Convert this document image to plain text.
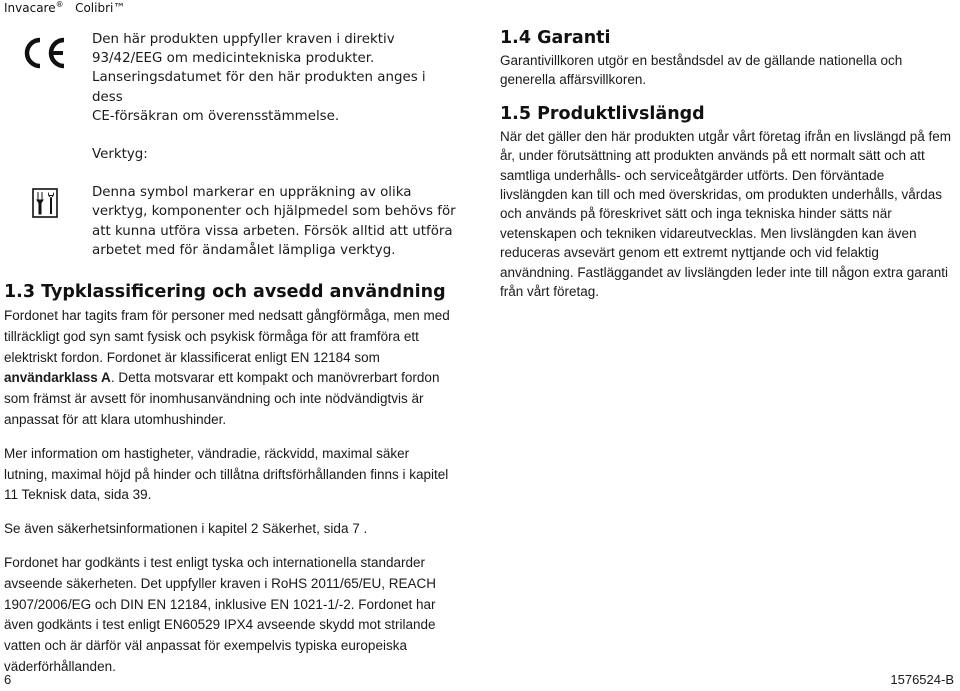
Invacare® Colibri™

Den här produkten uppfyller kraven i direktiv

93/42/EEG om medicintekniska produkter.

Lanseringsdatumet för den här produkten anges i dess

CE-försäkran om överensstämmelse.

Verktyg:

Denna symbol markerar en uppräkning av olika

verktyg, komponenter och hjälpmedel som behövs för

att kunna utföra vissa arbeten. Försök alltid att utföra

arbetet med för ändamålet lämpliga verktyg.

1.3 Typklassificering och avsedd användning

Fordonet har tagits fram för personer med nedsatt gångförmåga, men med tillräckligt god syn samt fysisk och psykisk förmåga för att framföra ett elektriskt fordon. Fordonet är klassificerat enligt EN 12184 som användarklass A. Detta motsvarar ett kompakt och manövrerbart fordon som främst är avsett för inomhusanvändning och inte nödvändigtvis är anpassat för att klara utomhushinder.

Mer information om hastigheter, vändradie, räckvidd, maximal säker lutning, maximal höjd på hinder och tillåtna driftsförhållanden finns i kapitel 11 Teknisk data, sida 39.

Se även säkerhetsinformationen i kapitel 2 Säkerhet, sida 7 .

Fordonet har godkänts i test enligt tyska och internationella standarder avseende säkerheten. Det uppfyller kraven i RoHS 2011/65/EU, REACH 1907/2006/EG och DIN EN 12184, inklusive EN 1021-1/-2. Fordonet har även godkänts i test enligt EN60529 IPX4 avseende skydd mot strilande vatten och är därför väl anpassat för exempelvis typiska europeiska väderförhållanden.

1.4 Garanti

Garantivillkoren utgör en beståndsdel av de gällande nationella och generella affärsvillkoren.

1.5 Produktlivslängd

När det gäller den här produkten utgår vårt företag ifrån en livslängd på fem år, under förutsättning att produkten används på ett normalt sätt och att samtliga underhålls- och serviceåtgärder utförts. Den förväntade livslängden kan till och med överskridas, om produkten underhålls, vårdas och används på föreskrivet sätt och inga tekniska hinder sätts när vetenskapen och tekniken vidareutvecklas. Men livslängden kan även reduceras avsevärt genom ett extremt nyttjande och vid felaktig användning. Fastläggandet av livslängden leder inte till någon extra garanti från vårt företag.

6	1576524-B
